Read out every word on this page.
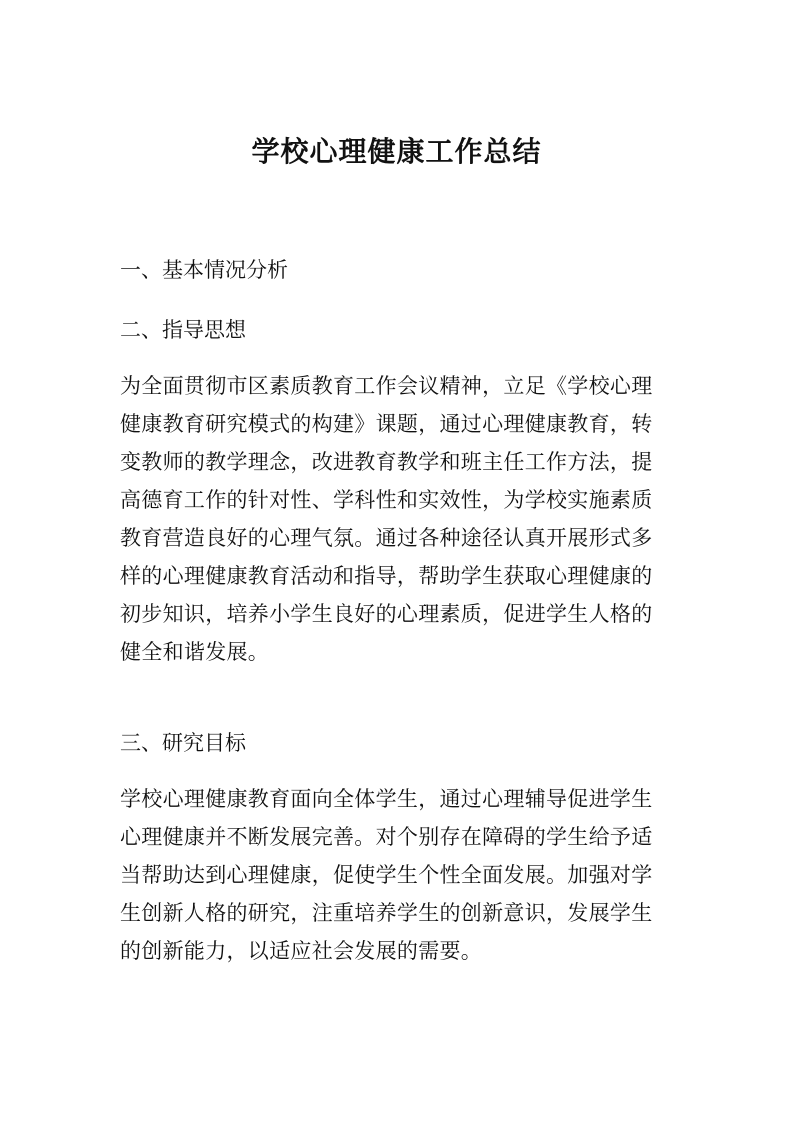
学校心理健康工作总结
一、基本情况分析
二、指导思想
为全面贯彻市区素质教育工作会议精神，立足《学校心理
健康教育研究模式的构建》课题，通过心理健康教育，转
变教师的教学理念，改进教育教学和班主任工作方法，提
高德育工作的针对性、学科性和实效性，为学校实施素质
教育营造良好的心理气氛。通过各种途径认真开展形式多
样的心理健康教育活动和指导，帮助学生获取心理健康的
初步知识，培养小学生良好的心理素质，促进学生人格的
健全和谐发展。
三、研究目标
学校心理健康教育面向全体学生，通过心理辅导促进学生
心理健康并不断发展完善。对个别存在障碍的学生给予适
当帮助达到心理健康，促使学生个性全面发展。加强对学
生创新人格的研究，注重培养学生的创新意识，发展学生
的创新能力，以适应社会发展的需要。
